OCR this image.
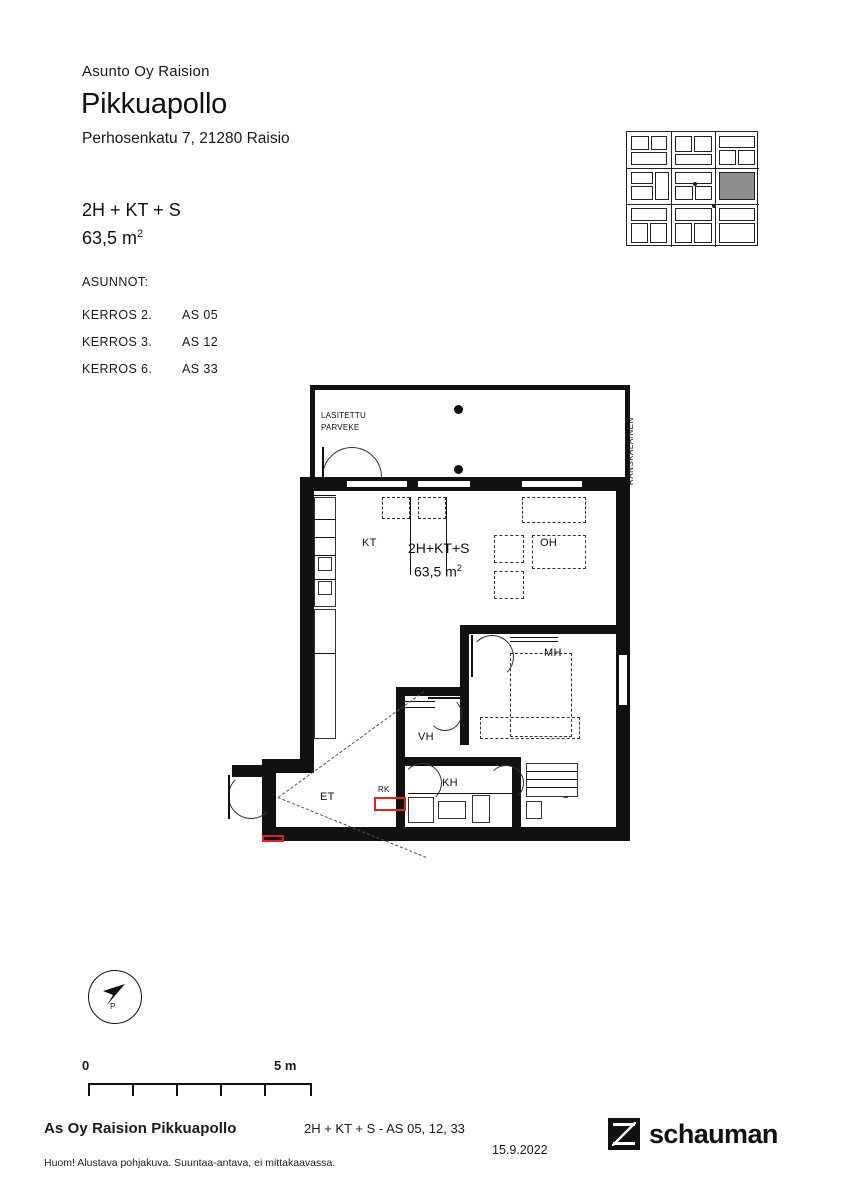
Asunto Oy Raision
Pikkuapollo
Perhosenkatu 7, 21280 Raisio
2H + KT + S
63,5 $m^2$
ASUNNOT:
KERROS 2. AS 05
KERROS 3. AS 12
KERROS 6. AS 33
LASITETTU
PARVEKE	RANSKALAINEN
KT	OH
2H+KT+S
63,5 $m^2$
MH
VH
KH
RK
ET
P
0	5 m
As Oy Raision Pikkuapollo	2H + KT + S - AS 05, 12, 33
15.9.2022
Huom! Alustava pohjakuva. Suuntaa-antava, ei mittakaavassa.
schauman
